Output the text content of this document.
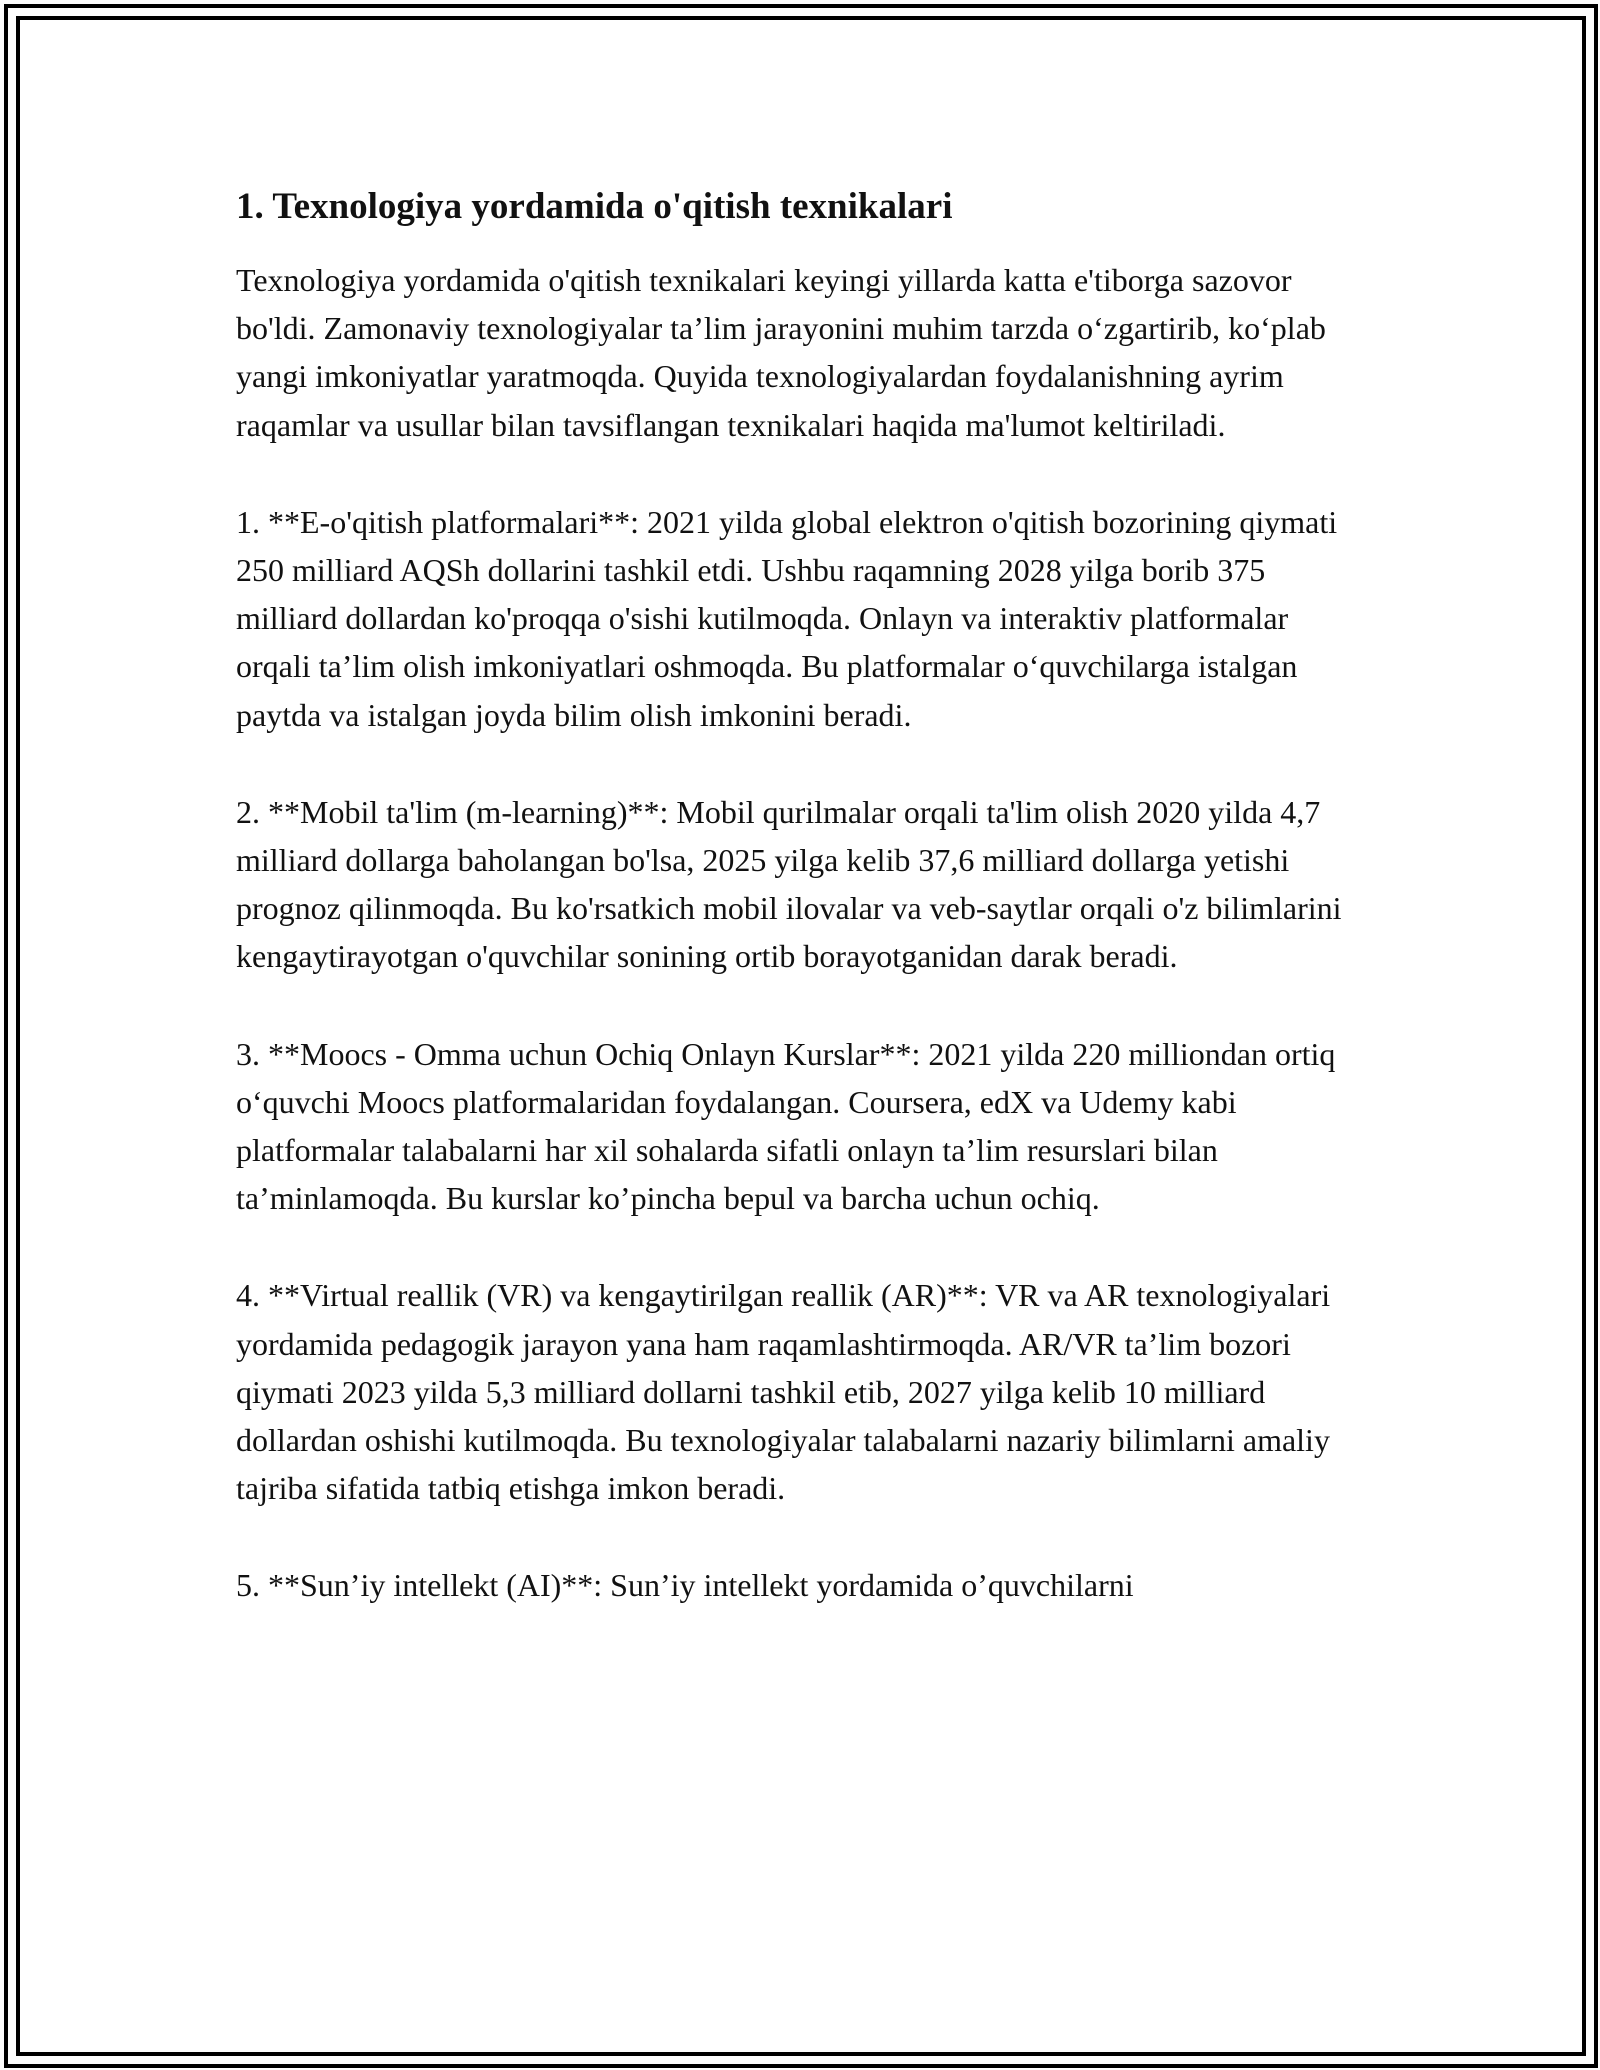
1. Texnologiya yordamida o'qitish texnikalari
Texnologiya yordamida o'qitish texnikalari keyingi yillarda katta e'tiborga sazovor bo'ldi. Zamonaviy texnologiyalar ta’lim jarayonini muhim tarzda o‘zgartirib, ko‘plab yangi imkoniyatlar yaratmoqda. Quyida texnologiyalardan foydalanishning ayrim raqamlar va usullar bilan tavsiflangan texnikalari haqida ma'lumot keltiriladi.
1. **E-o'qitish platformalari**: 2021 yilda global elektron o'qitish bozorining qiymati 250 milliard AQSh dollarini tashkil etdi. Ushbu raqamning 2028 yilga borib 375 milliard dollardan ko'proqqa o'sishi kutilmoqda. Onlayn va interaktiv platformalar orqali ta’lim olish imkoniyatlari oshmoqda. Bu platformalar o‘quvchilarga istalgan paytda va istalgan joyda bilim olish imkonini beradi.
2. **Mobil ta'lim (m-learning)**: Mobil qurilmalar orqali ta'lim olish 2020 yilda 4,7 milliard dollarga baholangan bo'lsa, 2025 yilga kelib 37,6 milliard dollarga yetishi prognoz qilinmoqda. Bu ko'rsatkich mobil ilovalar va veb-saytlar orqali o'z bilimlarini kengaytirayotgan o'quvchilar sonining ortib borayotganidan darak beradi.
3. **Moocs - Omma uchun Ochiq Onlayn Kurslar**: 2021 yilda 220 milliondan ortiq o‘quvchi Moocs platformalaridan foydalangan. Coursera, edX va Udemy kabi platformalar talabalarni har xil sohalarda sifatli onlayn ta’lim resurslari bilan ta’minlamoqda. Bu kurslar ko’pincha bepul va barcha uchun ochiq.
4. **Virtual reallik (VR) va kengaytirilgan reallik (AR)**: VR va AR texnologiyalari yordamida pedagogik jarayon yana ham raqamlashtirmoqda. AR/VR ta’lim bozori qiymati 2023 yilda 5,3 milliard dollarni tashkil etib, 2027 yilga kelib 10 milliard dollardan oshishi kutilmoqda. Bu texnologiyalar talabalarni nazariy bilimlarni amaliy tajriba sifatida tatbiq etishga imkon beradi.
5. **Sun’iy intellekt (AI)**: Sun’iy intellekt yordamida o’quvchilarni
